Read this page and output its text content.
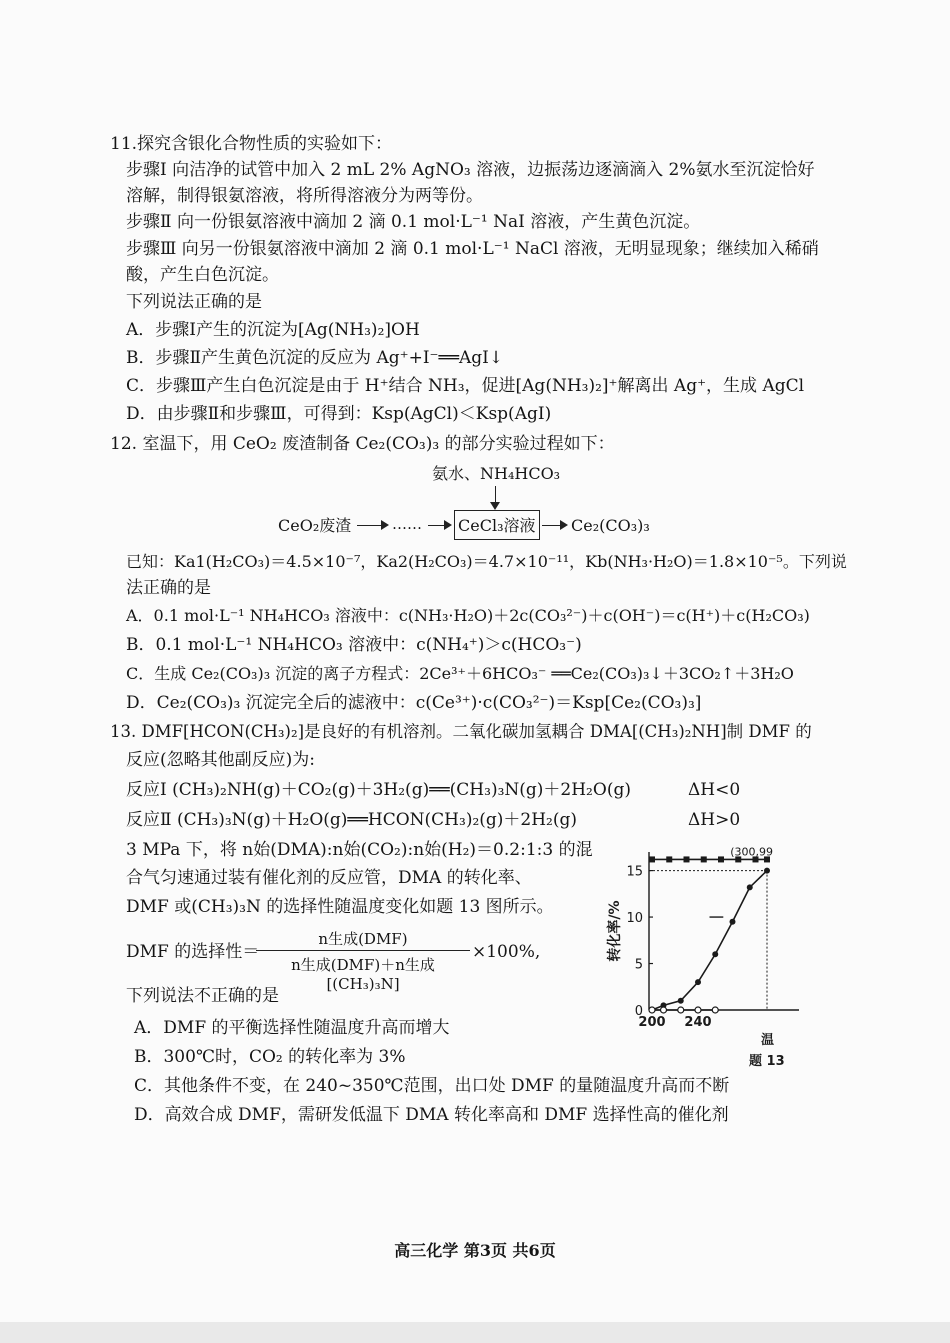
11.探究含银化合物性质的实验如下：
步骤Ⅰ 向洁净的试管中加入 2 mL 2% AgNO₃ 溶液，边振荡边逐滴滴入 2%氨水至沉淀恰好
溶解，制得银氨溶液，将所得溶液分为两等份。
步骤Ⅱ 向一份银氨溶液中滴加 2 滴 0.1 mol·L⁻¹ NaI 溶液，产生黄色沉淀。
步骤Ⅲ 向另一份银氨溶液中滴加 2 滴 0.1 mol·L⁻¹ NaCl 溶液，无明显现象；继续加入稀硝
酸，产生白色沉淀。
下列说法正确的是
A．步骤Ⅰ产生的沉淀为[Ag(NH₃)₂]OH
B．步骤Ⅱ产生黄色沉淀的反应为 Ag⁺+I⁻══AgI↓
C．步骤Ⅲ产生白色沉淀是由于 H⁺结合 NH₃，促进[Ag(NH₃)₂]⁺解离出 Ag⁺，生成 AgCl
D．由步骤Ⅱ和步骤Ⅲ，可得到：Ksp(AgCl)＜Ksp(AgI)
12. 室温下，用 CeO₂ 废渣制备 Ce₂(CO₃)₃ 的部分实验过程如下：
氨水、NH₄HCO₃
CeO₂废渣	…… CeCl₃溶液 Ce₂(CO₃)₃
已知：Ka1(H₂CO₃)＝4.5×10⁻⁷，Ka2(H₂CO₃)＝4.7×10⁻¹¹，Kb(NH₃·H₂O)＝1.8×10⁻⁵。下列说
法正确的是
A．0.1 mol·L⁻¹ NH₄HCO₃ 溶液中：c(NH₃·H₂O)＋2c(CO₃²⁻)＋c(OH⁻)＝c(H⁺)＋c(H₂CO₃)
B．0.1 mol·L⁻¹ NH₄HCO₃ 溶液中：c(NH₄⁺)＞c(HCO₃⁻)
C．生成 Ce₂(CO₃)₃ 沉淀的离子方程式：2Ce³⁺＋6HCO₃⁻ ══Ce₂(CO₃)₃↓＋3CO₂↑＋3H₂O
D．Ce₂(CO₃)₃ 沉淀完全后的滤液中：c(Ce³⁺)·c(CO₃²⁻)＝Ksp[Ce₂(CO₃)₃]
13. DMF[HCON(CH₃)₂]是良好的有机溶剂。二氧化碳加氢耦合 DMA[(CH₃)₂NH]制 DMF 的
反应(忽略其他副反应)为:
反应Ⅰ (CH₃)₂NH(g)＋CO₂(g)＋3H₂(g)══(CH₃)₃N(g)＋2H₂O(g)	ΔH<0
反应Ⅱ (CH₃)₃N(g)＋H₂O(g)══HCON(CH₃)₂(g)＋2H₂(g)	ΔH>0
3 MPa 下，将 n始(DMA):n始(CO₂):n始(H₂)＝0.2:1:3 的混
合气匀速通过装有催化剂的反应管，DMA 的转化率、
DMF 或(CH₃)₃N 的选择性随温度变化如题 13 图所示。
DMF 的选择性＝
n生成(DMF)
n生成(DMF)＋n生成[(CH₃)₃N]
×100%,
下列说法不正确的是
A．DMF 的平衡选择性随温度升高而增大
B．300℃时，CO₂ 的转化率为 3%
C．其他条件不变，在 240~350℃范围，出口处 DMF 的量随温度升高而不断
D．高效合成 DMF，需研发低温下 DMA 转化率高和 DMF 选择性高的催化剂
0
5
10
15
200 240
转化率/%
温
题 13
(300,99
高三化学 第3页 共6页
